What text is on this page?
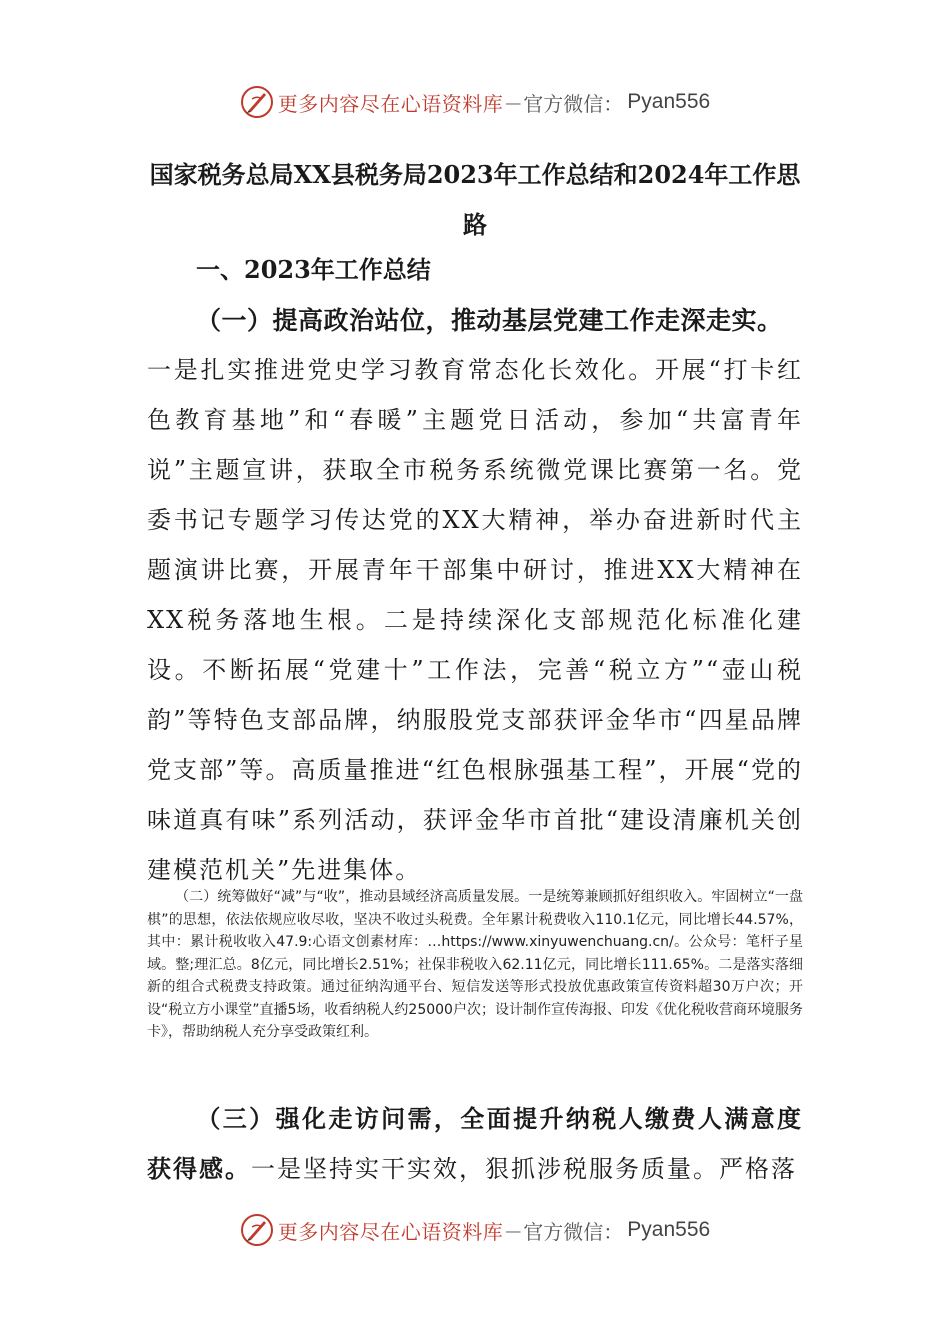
更多内容尽在心语资料库 — 官方微信： Pyan556
国家税务总局XX县税务局2023年工作总结和2024年工作思路
一、2023年工作总结
（一）提高政治站位，推动基层党建工作走深走实。

一是扎实推进党史学习教育常态化长效化。开展“打卡红色教育基地”和“春暖”主题党日活动，参加“共富青年说”主题宣讲，获取全市税务系统微党课比赛第一名。党委书记专题学习传达党的XX大精神，举办奋进新时代主题演讲比赛，开展青年干部集中研讨，推进XX大精神在XX税务落地生根。二是持续深化支部规范化标准化建设。不断拓展“党建十”工作法，完善“税立方”“壶山税韵”等特色支部品牌，纳服股党支部获评金华市“四星品牌党支部”等。高质量推进“红色根脉强基工程”，开展“党的味道真有味”系列活动，获评金华市首批“建设清廉机关创建模范机关”先进集体。

（二）统筹做好“减”与“收”，推动县域经济高质量发展。一是统筹兼顾抓好组织收入。牢固树立“一盘棋”的思想，依法依规应收尽收，坚决不收过头税费。全年累计税费收入110.1亿元，同比增长44.57%，其中：累计税收收入47.9:心语文创素材库：…https://www.xinyuwenchuang.cn/。公众号：笔杆子星域。整;理汇总。8亿元，同比增长2.51%；社保非税收入62.11亿元，同比增长111.65%。二是落实落细新的组合式税费支持政策。通过征纳沟通平台、短信发送等形式投放优惠政策宣传资料超30万户次；开设“税立方小课堂”直播5场，收看纳税人约25000户次；设计制作宣传海报、印发《优化税收营商环境服务卡》，帮助纳税人充分享受政策红利。

（三）强化走访问需，全面提升纳税人缴费人满意度获得感。一是坚持实干实效，狠抓涉税服务质量。严格落

更多内容尽在心语资料库 — 官方微信： Pyan556
